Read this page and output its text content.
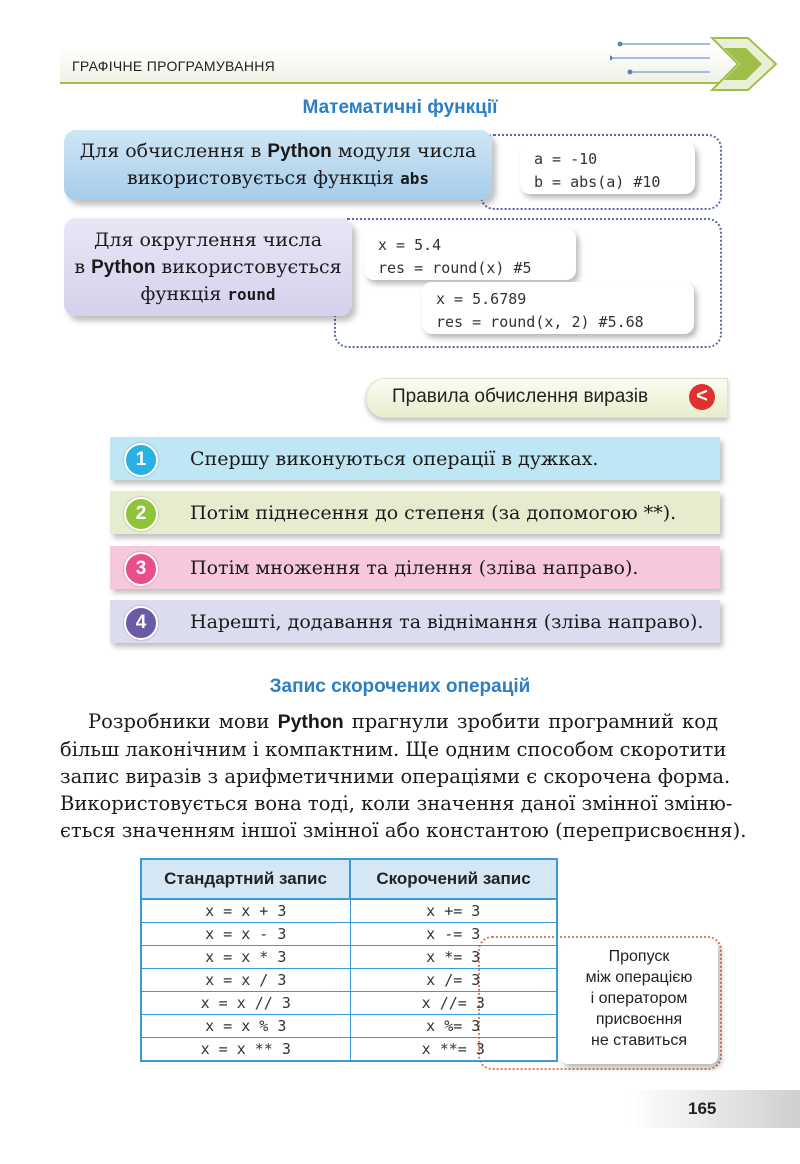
ГРАФІЧНЕ ПРОГРАМУВАННЯ
Математичні функції
a = -10
b = abs(a) #10
Для обчислення в Python модуля числа
використовується функція abs
x = 5.4
res = round(x) #5
x = 5.6789
res = round(x, 2) #5.68
Для округлення числа
в Python використовується
функція round
Правила обчислення виразів	<
1	Спершу виконуються операції в дужках.
2	Потім піднесення до степеня (за допомогою **).
3	Потім множення та ділення (зліва направо).
4	Нарешті, додавання та віднімання (зліва направо).
Запис скорочених операцій
Розробники мови Python прагнули зробити програмний код
більш лаконічним і компактним. Ще одним способом скоротити
запис виразів з арифметичними операціями є скорочена форма.
Використовується вона тоді, коли значення даної змінної зміню-
ється значенням іншої змінної або константою (переприсвоєння).
Стандартний запис	Скорочений запис
x = x + 3	x += 3
x = x - 3	x -= 3
x = x * 3	x *= 3
x = x / 3	x /= 3
x = x // 3	x //= 3
x = x % 3	x %= 3
x = x ** 3	x **= 3
Пропуск
між операцією
і оператором
присвоєння
не ставиться
165
